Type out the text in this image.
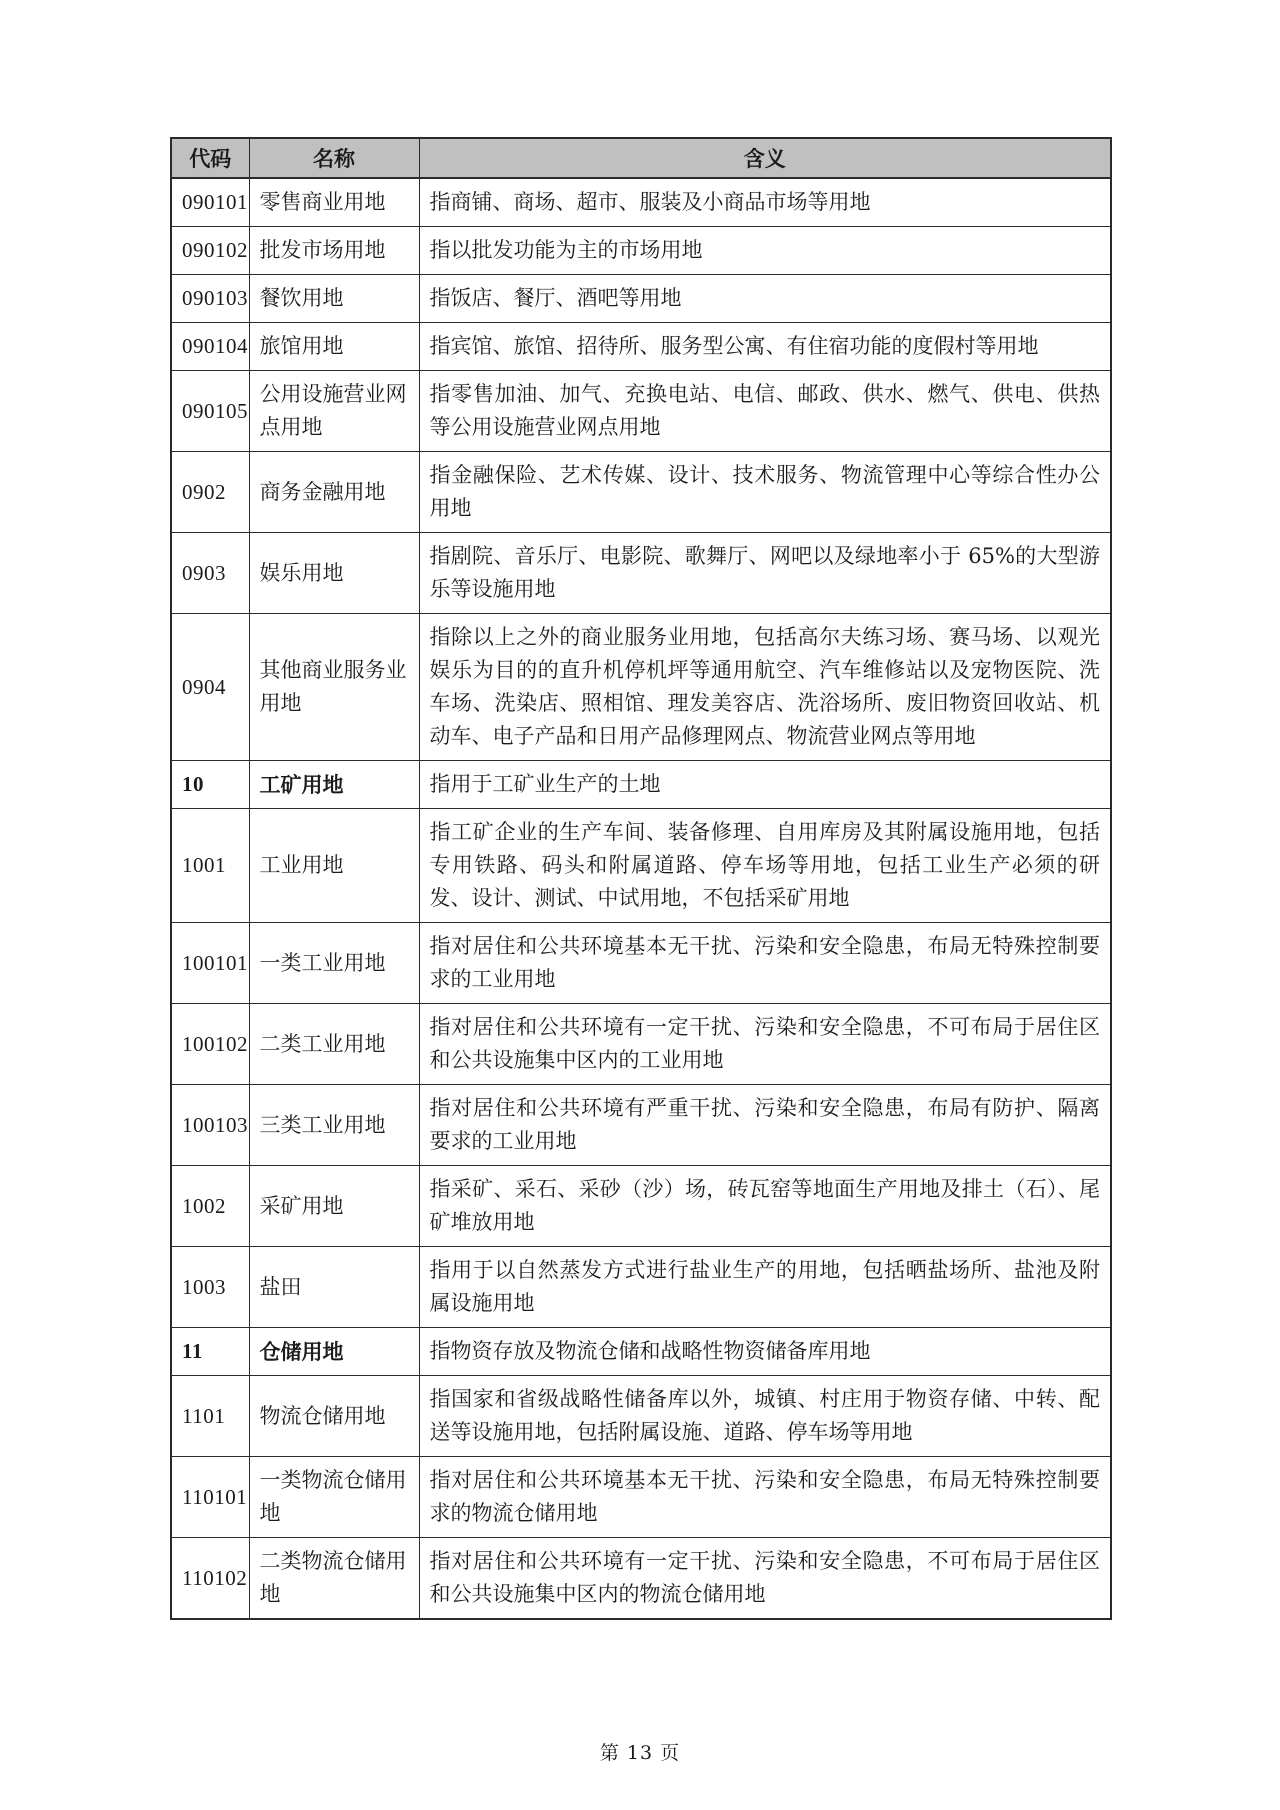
代码	名称	含义
090101	零售商业用地	指商铺、商场、超市、服装及小商品市场等用地
090102	批发市场用地	指以批发功能为主的市场用地
090103	餐饮用地	指饭店、餐厅、酒吧等用地
090104	旅馆用地	指宾馆、旅馆、招待所、服务型公寓、有住宿功能的度假村等用地
090105	公用设施营业网点用地	指零售加油、加气、充换电站、电信、邮政、供水、燃气、供电、供热等公用设施营业网点用地
0902	商务金融用地	指金融保险、艺术传媒、设计、技术服务、物流管理中心等综合性办公用地
0903	娱乐用地	指剧院、音乐厅、电影院、歌舞厅、网吧以及绿地率小于 65%的大型游乐等设施用地
0904	其他商业服务业用地	指除以上之外的商业服务业用地，包括高尔夫练习场、赛马场、以观光娱乐为目的的直升机停机坪等通用航空、汽车维修站以及宠物医院、洗车场、洗染店、照相馆、理发美容店、洗浴场所、废旧物资回收站、机动车、电子产品和日用产品修理网点、物流营业网点等用地
10	工矿用地	指用于工矿业生产的土地
1001	工业用地	指工矿企业的生产车间、装备修理、自用库房及其附属设施用地，包括专用铁路、码头和附属道路、停车场等用地，包括工业生产必须的研发、设计、测试、中试用地，不包括采矿用地
100101	一类工业用地	指对居住和公共环境基本无干扰、污染和安全隐患，布局无特殊控制要求的工业用地
100102	二类工业用地	指对居住和公共环境有一定干扰、污染和安全隐患，不可布局于居住区和公共设施集中区内的工业用地
100103	三类工业用地	指对居住和公共环境有严重干扰、污染和安全隐患，布局有防护、隔离要求的工业用地
1002	采矿用地	指采矿、采石、采砂（沙）场，砖瓦窑等地面生产用地及排土（石）、尾矿堆放用地
1003	盐田	指用于以自然蒸发方式进行盐业生产的用地，包括晒盐场所、盐池及附属设施用地
11	仓储用地	指物资存放及物流仓储和战略性物资储备库用地
1101	物流仓储用地	指国家和省级战略性储备库以外，城镇、村庄用于物资存储、中转、配送等设施用地，包括附属设施、道路、停车场等用地
110101	一类物流仓储用地	指对居住和公共环境基本无干扰、污染和安全隐患，布局无特殊控制要求的物流仓储用地
110102	二类物流仓储用地	指对居住和公共环境有一定干扰、污染和安全隐患，不可布局于居住区和公共设施集中区内的物流仓储用地
第 13 页
